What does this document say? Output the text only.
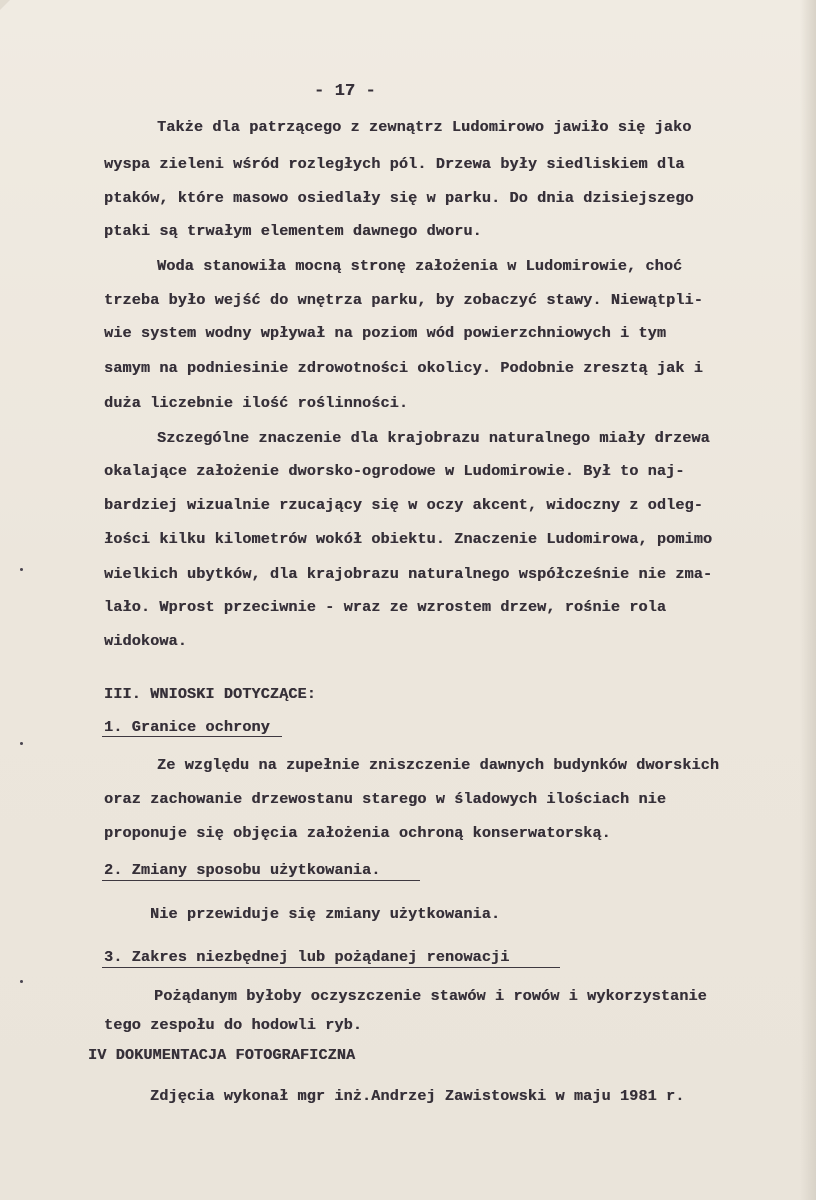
- 17 -
Także dla patrzącego z zewnątrz Ludomirowo jawiło się jako
wyspa zieleni wśród rozległych pól. Drzewa były siedliskiem dla
ptaków, które masowo osiedlały się w parku. Do dnia dzisiejszego
ptaki są trwałym elementem dawnego dworu.
Woda stanowiła mocną stronę założenia w Ludomirowie, choć
trzeba było wejść do wnętrza parku, by zobaczyć stawy. Niewątpli-
wie system wodny wpływał na poziom wód powierzchniowych i tym
samym na podniesinie zdrowotności okolicy. Podobnie zresztą jak i
duża liczebnie ilość roślinności.
Szczególne znaczenie dla krajobrazu naturalnego miały drzewa
okalające założenie dworsko-ogrodowe w Ludomirowie. Był to naj-
bardziej wizualnie rzucający się w oczy akcent, widoczny z odleg-
łości kilku kilometrów wokół obiektu. Znaczenie Ludomirowa, pomimo
wielkich ubytków, dla krajobrazu naturalnego współcześnie nie zma-
lało. Wprost przeciwnie - wraz ze wzrostem drzew, rośnie rola
widokowa.
III. WNIOSKI DOTYCZĄCE:
1. Granice ochrony
Ze względu na zupełnie zniszczenie dawnych budynków dworskich
oraz zachowanie drzewostanu starego w śladowych ilościach nie
proponuje się objęcia założenia ochroną konserwatorską.
2. Zmiany sposobu użytkowania.
Nie przewiduje się zmiany użytkowania.
3. Zakres niezbędnej lub pożądanej renowacji
Pożądanym byłoby oczyszczenie stawów i rowów i wykorzystanie
tego zespołu do hodowli ryb.
IV DOKUMENTACJA FOTOGRAFICZNA
Zdjęcia wykonał mgr inż.Andrzej Zawistowski w maju 1981 r.
